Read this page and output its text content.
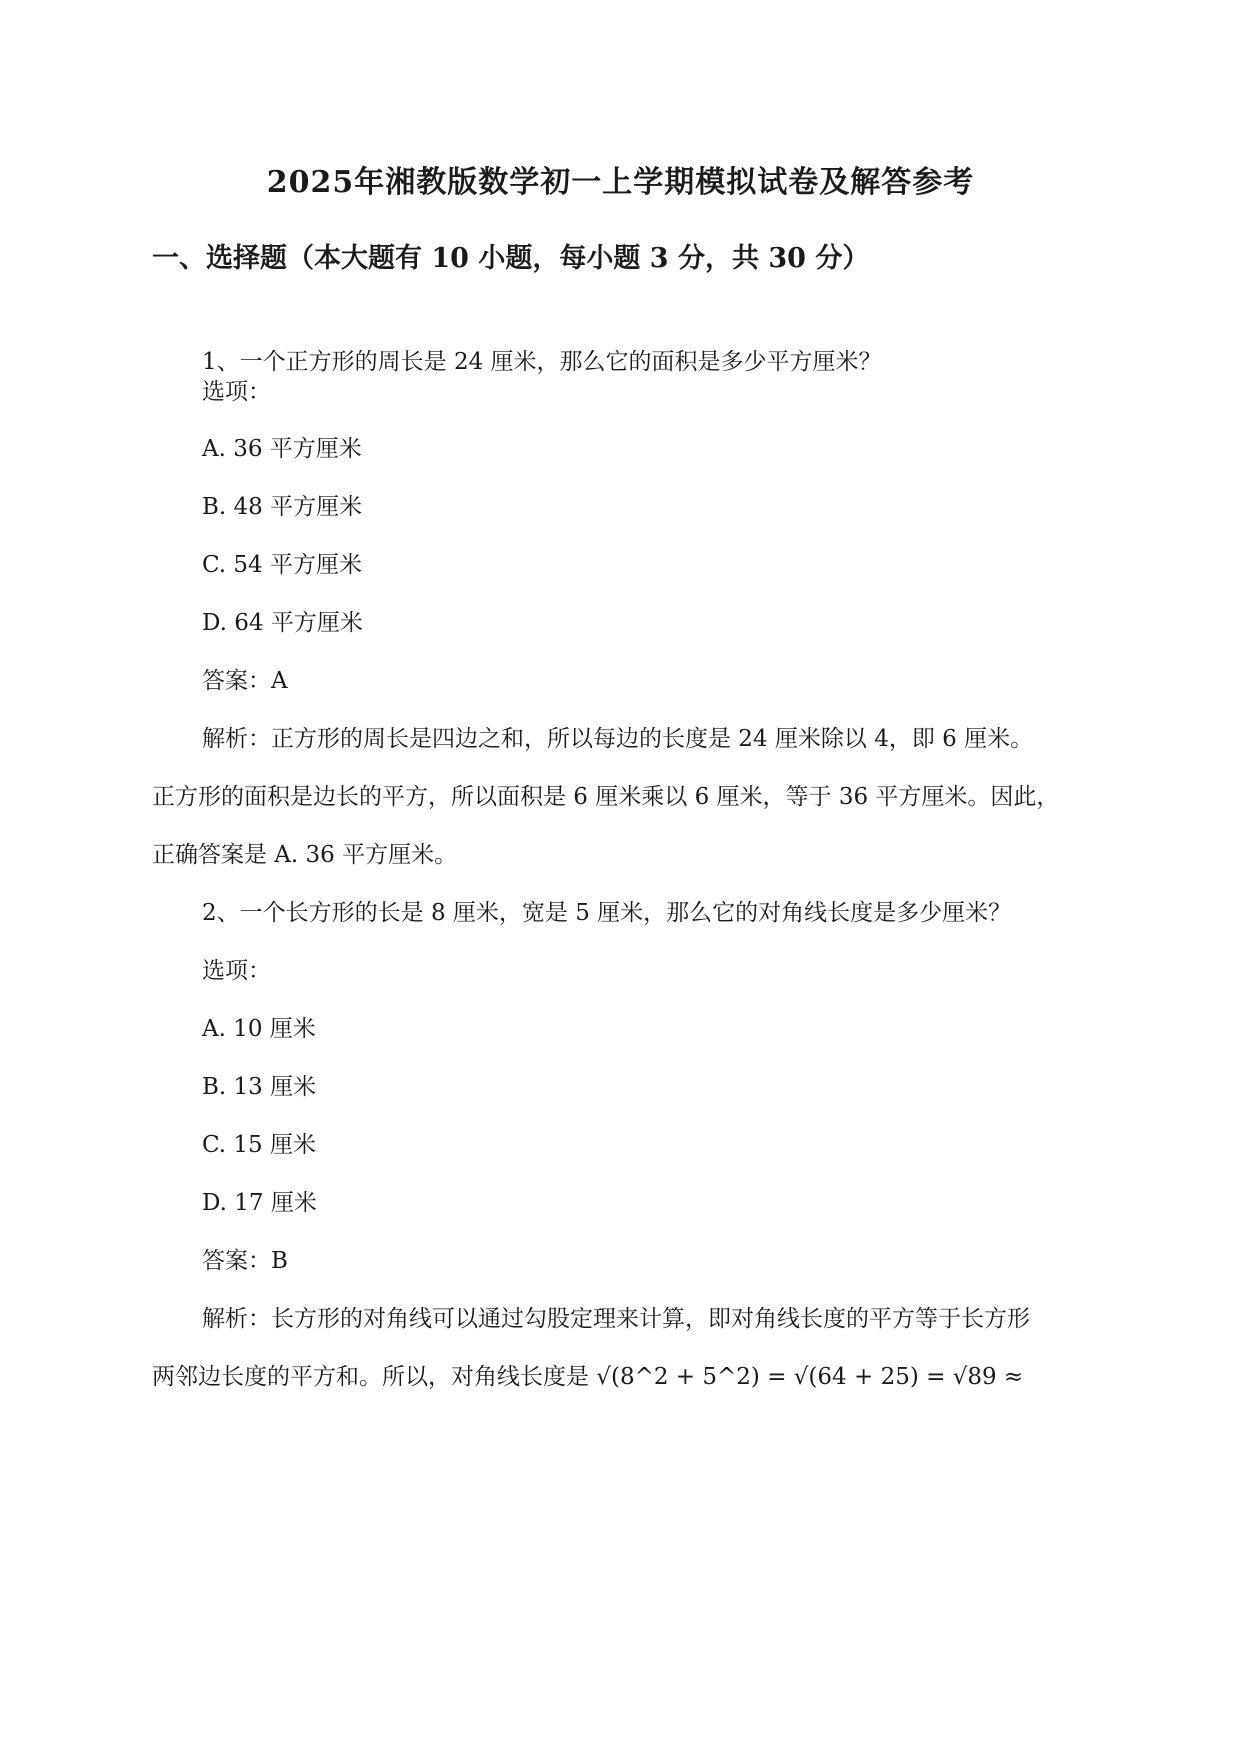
2025年湘教版数学初一上学期模拟试卷及解答参考
一、选择题（本大题有 10 小题，每小题 3 分，共 30 分）

1、一个正方形的周长是 24 厘米，那么它的面积是多少平方厘米？

选项：

A. 36 平方厘米

B. 48 平方厘米

C. 54 平方厘米

D. 64 平方厘米

答案：A

解析：正方形的周长是四边之和，所以每边的长度是 24 厘米除以 4，即 6 厘米。

正方形的面积是边长的平方，所以面积是 6 厘米乘以 6 厘米，等于 36 平方厘米。因此，

正确答案是 A. 36 平方厘米。

2、一个长方形的长是 8 厘米，宽是 5 厘米，那么它的对角线长度是多少厘米？

选项：

A. 10 厘米

B. 13 厘米

C. 15 厘米

D. 17 厘米

答案：B

解析：长方形的对角线可以通过勾股定理来计算，即对角线长度的平方等于长方形

两邻边长度的平方和。所以，对角线长度是 √(8^2 + 5^2) = √(64 + 25) = √89 ≈
